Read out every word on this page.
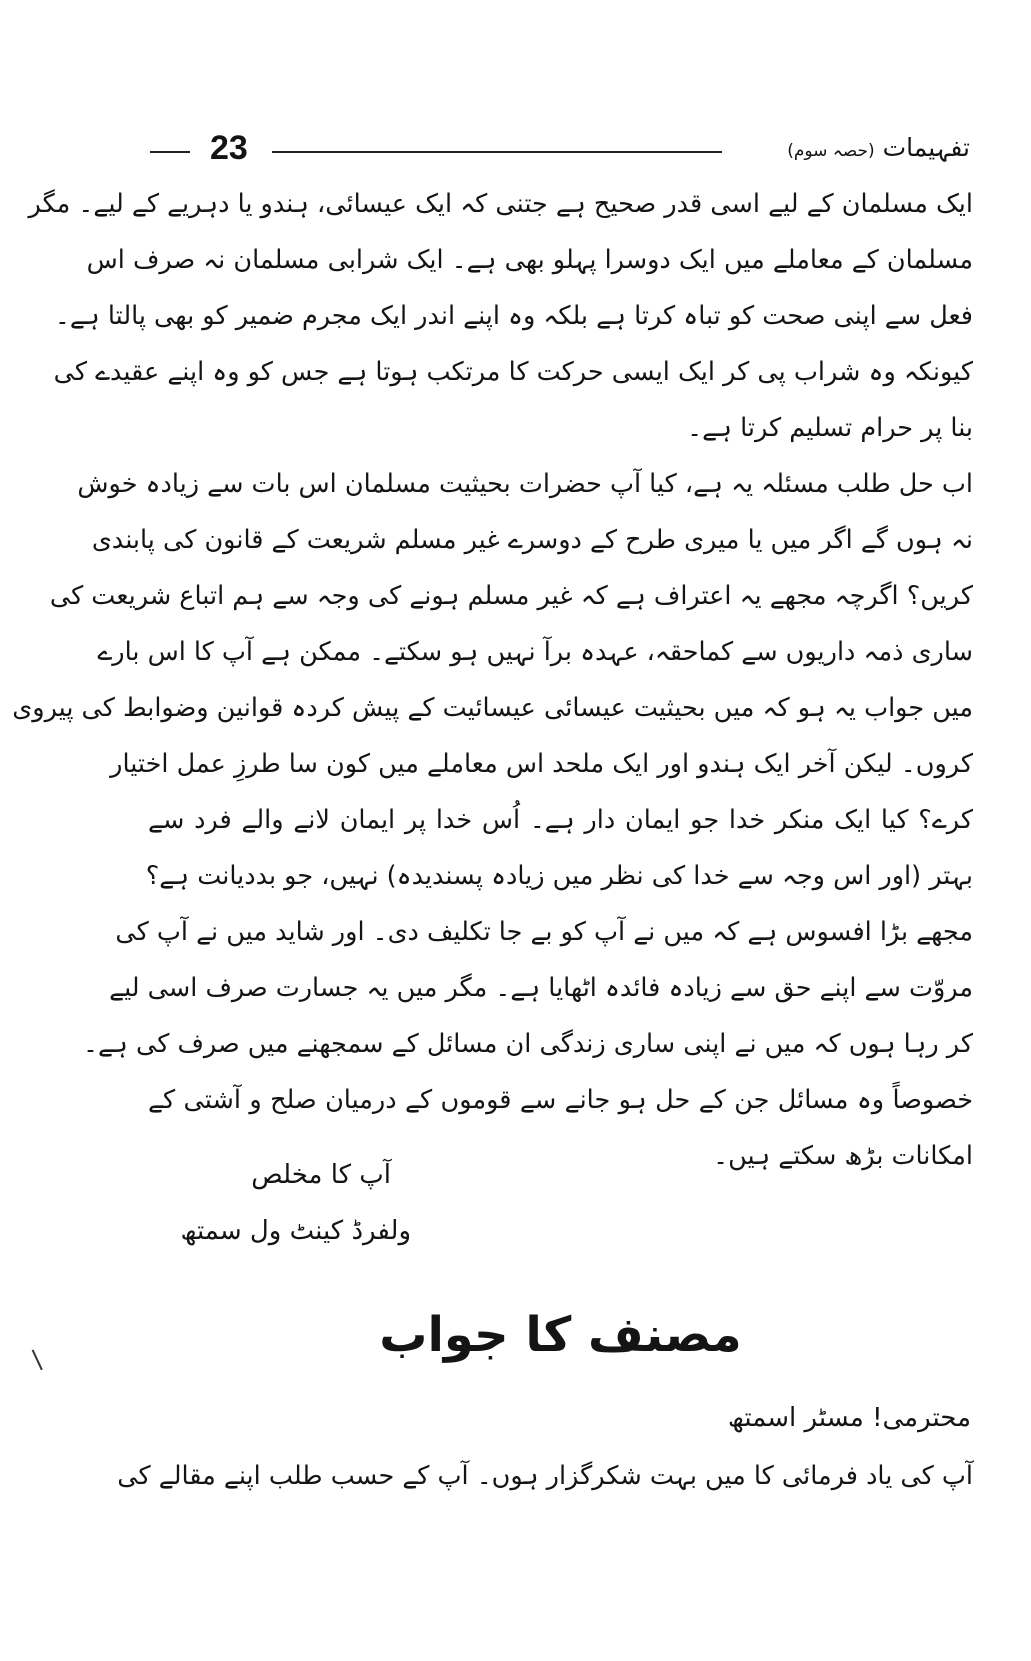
23	تفہیمات (حصہ سوم)
ایک مسلمان کے لیے اسی قدر صحیح ہے جتنی کہ ایک عیسائی، ہندو یا دہریے کے لیے۔ مگر
مسلمان کے معاملے میں ایک دوسرا پہلو بھی ہے۔ ایک شرابی مسلمان نہ صرف اس
فعل سے اپنی صحت کو تباہ کرتا ہے بلکہ وہ اپنے اندر ایک مجرم ضمیر کو بھی پالتا ہے۔
کیونکہ وہ شراب پی کر ایک ایسی حرکت کا مرتکب ہوتا ہے جس کو وہ اپنے عقیدے کی
بنا پر حرام تسلیم کرتا ہے۔
اب حل طلب مسئلہ یہ ہے، کیا آپ حضرات بحیثیت مسلمان اس بات سے زیادہ خوش
نہ ہوں گے اگر میں یا میری طرح کے دوسرے غیر مسلم شریعت کے قانون کی پابندی
کریں؟ اگرچہ مجھے یہ اعتراف ہے کہ غیر مسلم ہونے کی وجہ سے ہم اتباع شریعت کی
ساری ذمہ داریوں سے کماحقہ، عہدہ برآ نہیں ہو سکتے۔ ممکن ہے آپ کا اس بارے
میں جواب یہ ہو کہ میں بحیثیت عیسائی عیسائیت کے پیش کردہ قوانین وضوابط کی پیروی
کروں۔ لیکن آخر ایک ہندو اور ایک ملحد اس معاملے میں کون سا طرزِ عمل اختیار
کرے؟ کیا ایک منکر خدا جو ایمان دار ہے۔ اُس خدا پر ایمان لانے والے فرد سے
بہتر (اور اس وجہ سے خدا کی نظر میں زیادہ پسندیدہ) نہیں، جو بددیانت ہے؟
مجھے بڑا افسوس ہے کہ میں نے آپ کو بے جا تکلیف دی۔ اور شاید میں نے آپ کی
مروّت سے اپنے حق سے زیادہ فائدہ اٹھایا ہے۔ مگر میں یہ جسارت صرف اسی لیے
کر رہا ہوں کہ میں نے اپنی ساری زندگی ان مسائل کے سمجھنے میں صرف کی ہے۔
خصوصاً وہ مسائل جن کے حل ہو جانے سے قوموں کے درمیان صلح و آشتی کے
امکانات بڑھ سکتے ہیں۔
آپ کا مخلص
ولفرڈ کینٹ ول سمتھ
مصنف کا جواب
محترمی! مسٹر اسمتھ
آپ کی یاد فرمائی کا میں بہت شکرگزار ہوں۔ آپ کے حسب طلب اپنے مقالے کی
